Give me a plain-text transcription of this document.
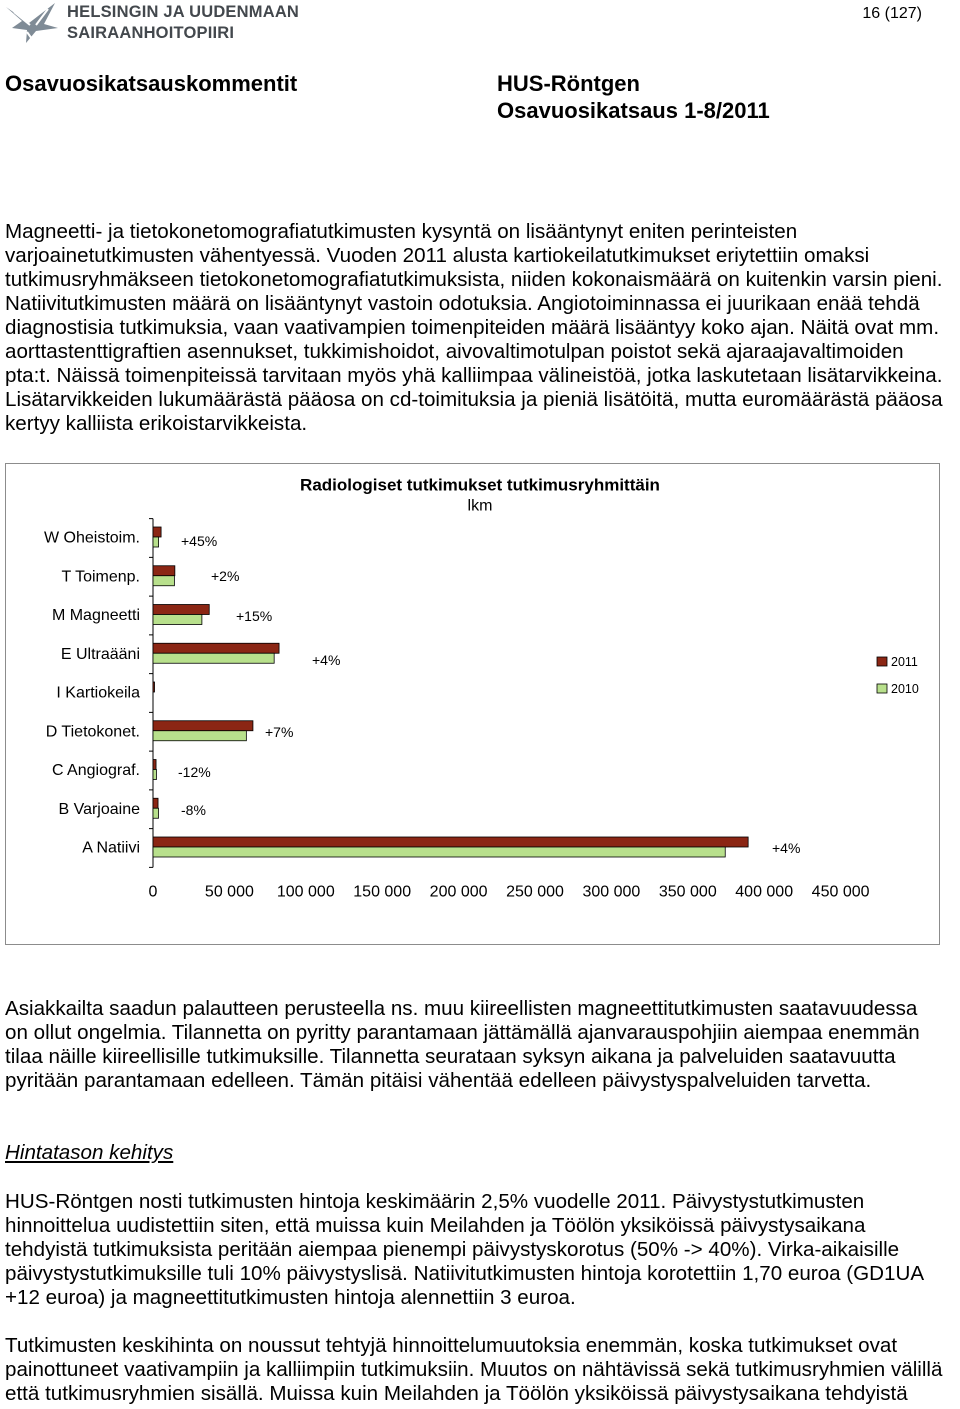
HELSINGIN JA UUDENMAAN
SAIRAANHOITOPIIRI
16 (127)
Osavuosikatsauskommentit	HUS-Röntgen
Osavuosikatsaus 1-8/2011
Magneetti- ja tietokonetomografiatutkimusten kysyntä on lisääntynyt eniten perinteisten
varjoainetutkimusten vähentyessä. Vuoden 2011 alusta kartiokeilatutkimukset eriytettiin omaksi
tutkimusryhmäkseen tietokonetomografiatutkimuksista, niiden kokonaismäärä on kuitenkin varsin pieni.
Natiivitutkimusten määrä on lisääntynyt vastoin odotuksia. Angiotoiminnassa ei juurikaan enää tehdä
diagnostisia tutkimuksia, vaan vaativampien toimenpiteiden määrä lisääntyy koko ajan. Näitä ovat mm.
aorttastenttigraftien asennukset, tukkimishoidot, aivovaltimotulpan poistot sekä ajaraajavaltimoiden
pta:t. Näissä toimenpiteissä tarvitaan myös yhä kalliimpaa välineistöä, jotka laskutetaan lisätarvikkeina.
Lisätarvikkeiden lukumäärästä pääosa on cd-toimituksia ja pieniä lisätöitä, mutta euromäärästä pääosa
kertyy kalliista erikoistarvikkeista.
Radiologiset tutkimukset tutkimusryhmittäin
lkm
W Oheistoim.	+45%
T Toimenp.	+2%
M Magneetti	+15%
E Ultraääni	+4%
I Kartiokeila
D Tietokonet.	+7%
C Angiograf.	-12%
B Varjoaine	-8%
A Natiivi	+4%
0	50 000 100 000 150 000 200 000 250 000 300 000 350 000 400 000 450 000
2011
2010
Asiakkailta saadun palautteen perusteella ns. muu kiireellisten magneettitutkimusten saatavuudessa
on ollut ongelmia. Tilannetta on pyritty parantamaan jättämällä ajanvarauspohjiin aiempaa enemmän
tilaa näille kiireellisille tutkimuksille. Tilannetta seurataan syksyn aikana ja palveluiden saatavuutta
pyritään parantamaan edelleen. Tämän pitäisi vähentää edelleen päivystyspalveluiden tarvetta.
Hintatason kehitys
HUS-Röntgen nosti tutkimusten hintoja keskimäärin 2,5% vuodelle 2011. Päivystystutkimusten
hinnoittelua uudistettiin siten, että muissa kuin Meilahden ja Töölön yksiköissä päivystysaikana
tehdyistä tutkimuksista peritään aiempaa pienempi päivystyskorotus (50% -> 40%). Virka-aikaisille
päivystystutkimuksille tuli 10% päivystyslisä. Natiivitutkimusten hintoja korotettiin 1,70 euroa (GD1UA
+12 euroa) ja magneettitutkimusten hintoja alennettiin 3 euroa.
Tutkimusten keskihinta on noussut tehtyjä hinnoittelumuutoksia enemmän, koska tutkimukset ovat
painottuneet vaativampiin ja kalliimpiin tutkimuksiin. Muutos on nähtävissä sekä tutkimusryhmien välillä
että tutkimusryhmien sisällä. Muissa kuin Meilahden ja Töölön yksiköissä päivystysaikana tehdyistä
